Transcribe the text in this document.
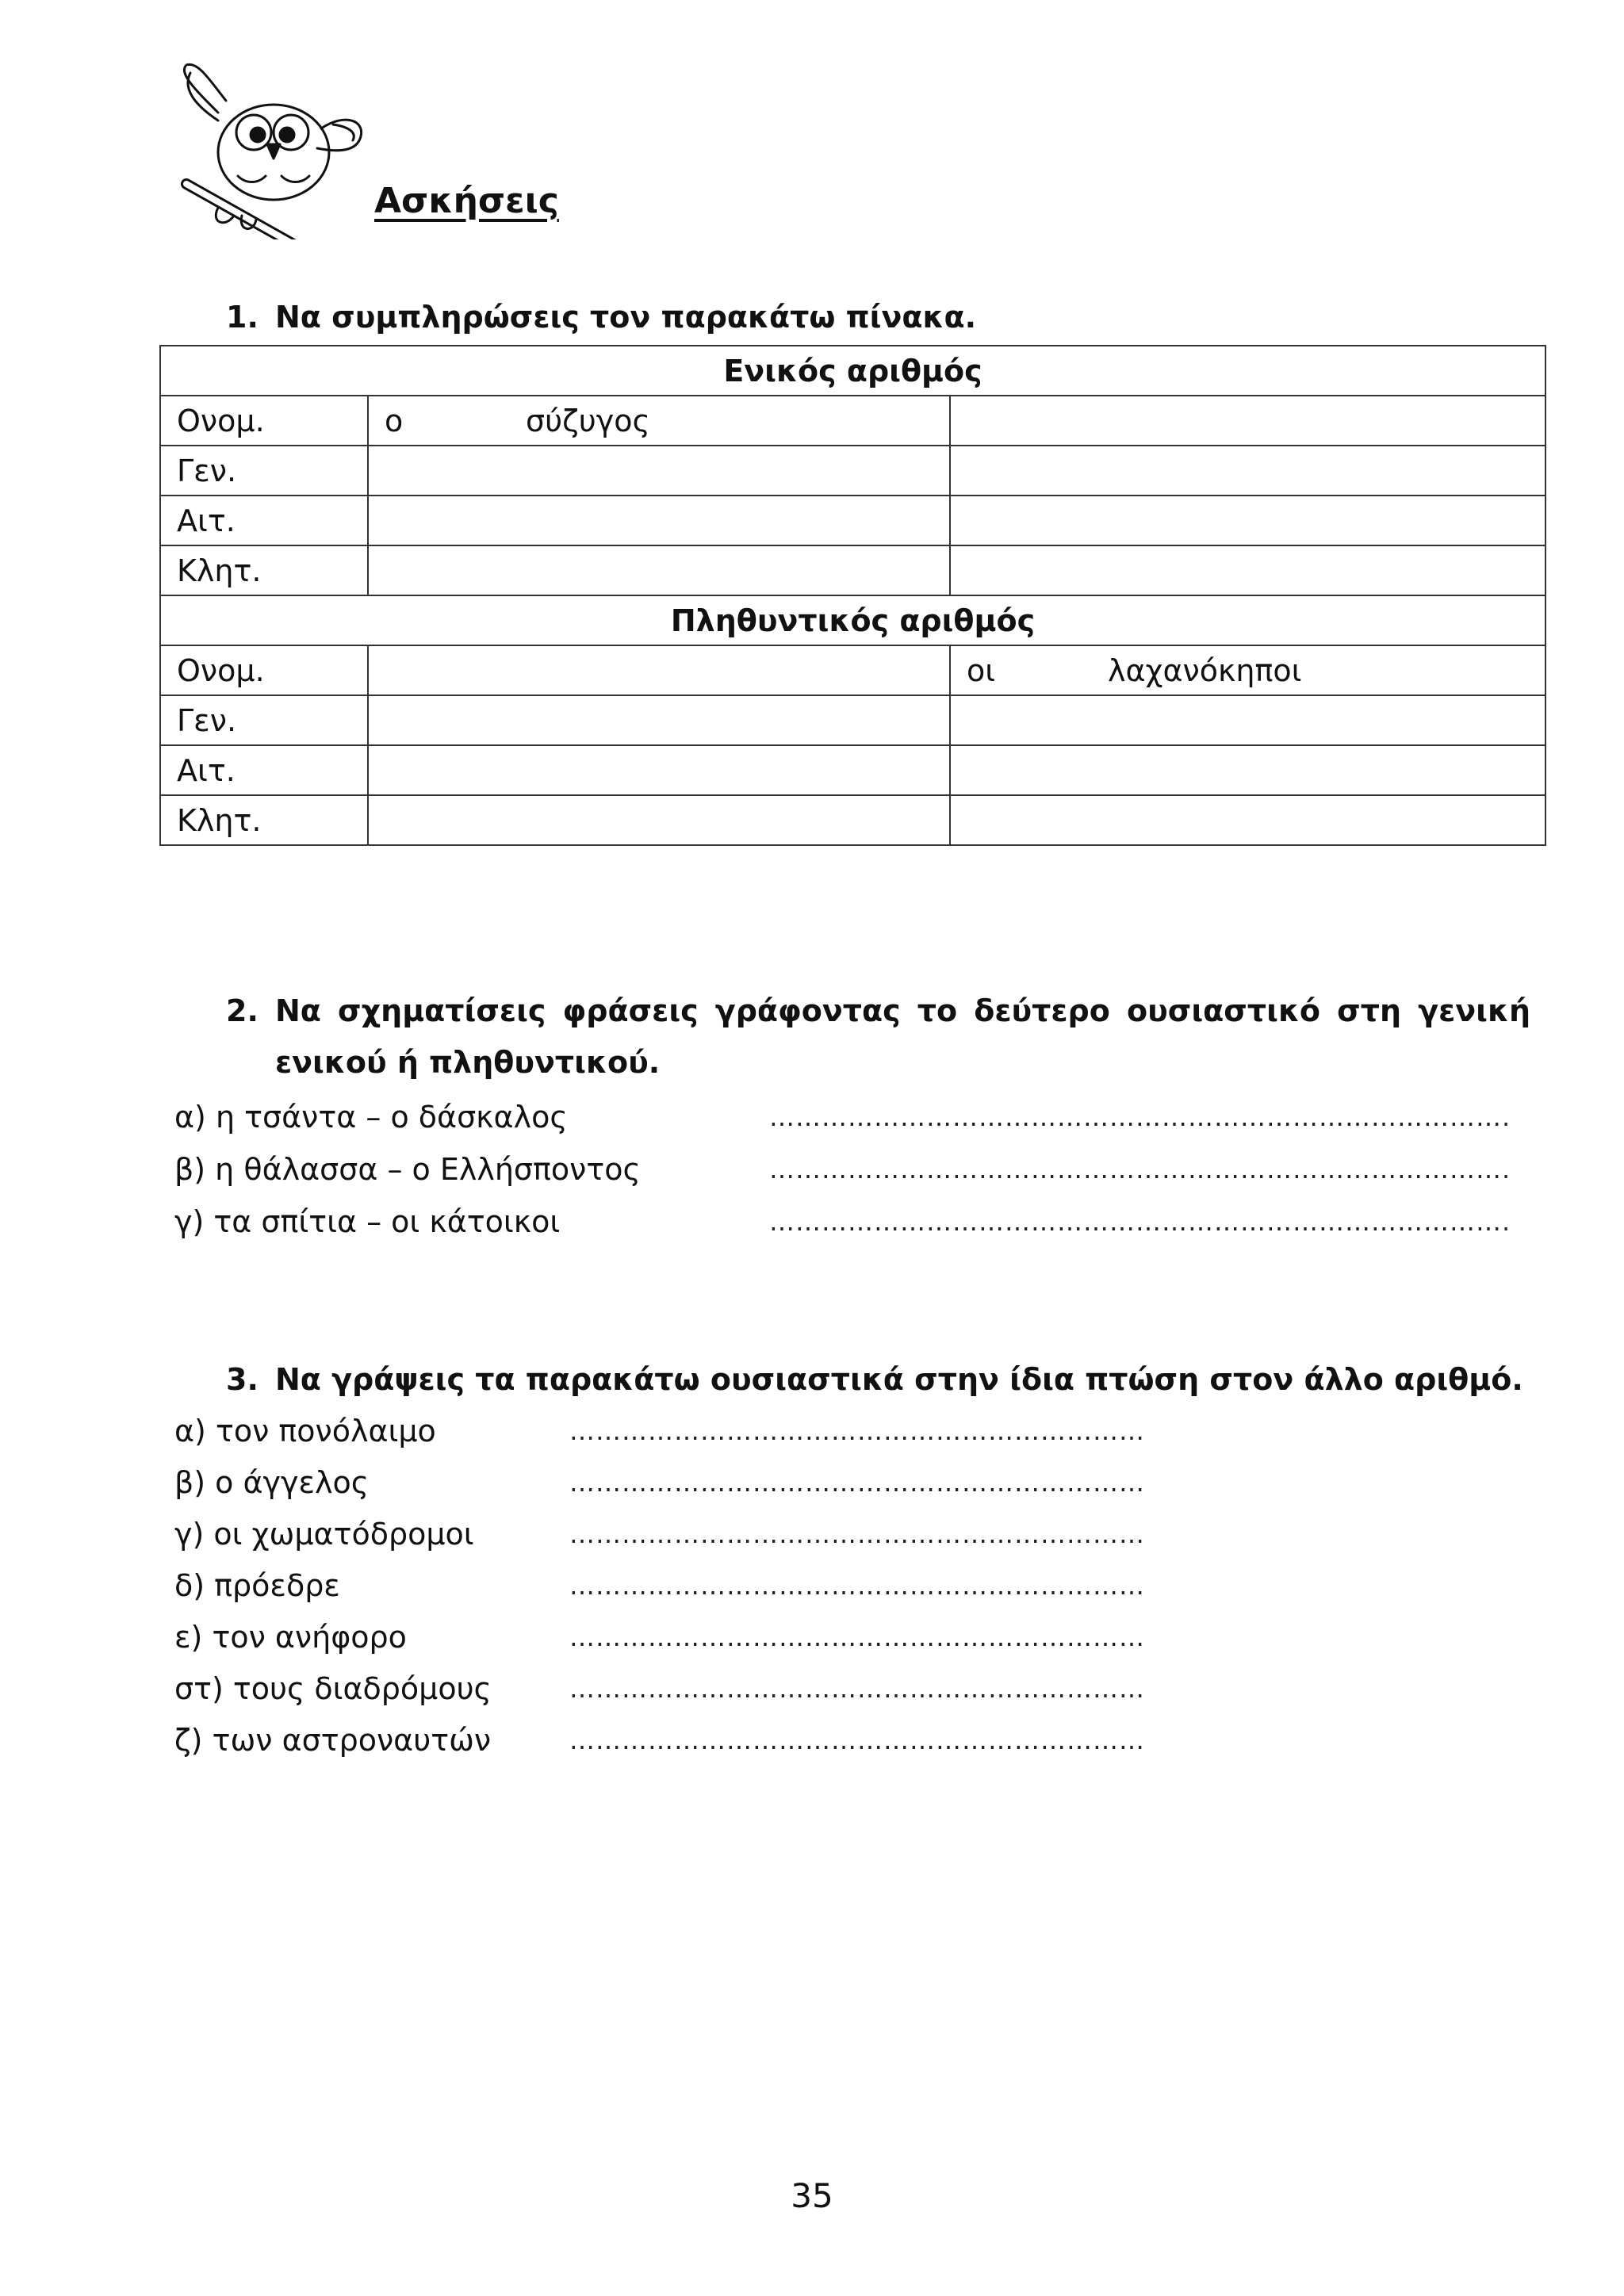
Ασκήσεις
1. Να συμπληρώσεις τον παρακάτω πίνακα.
Ενικός αριθμός		
Ονομ.	ο σύζυγος	
Γεν.		
Αιτ.		
Κλητ.		
Πληθυντικός αριθμός		
Ονομ.		οι λαχανόκηποι
Γεν.		
Αιτ.		
Κλητ.		
2. Να σχηματίσεις φράσεις γράφοντας το δεύτερο ουσιαστικό στη γενική
ενικού ή πληθυντικού.
α) η τσάντα – ο δάσκαλος	………………………………………………………………………….
β) η θάλασσα – ο Ελλήσποντος	………………………………………………………………………….
γ) τα σπίτια – οι κάτοικοι	………………………………………………………………………….
3. Να γράψεις τα παρακάτω ουσιαστικά στην ίδια πτώση στον άλλο αριθμό.
α) τον πονόλαιμο	…………………………………………………………
β) ο άγγελος	…………………………………………………………
γ) οι χωματόδρομοι	…………………………………………………………
δ) πρόεδρε	…………………………………………………………
ε) τον ανήφορο	…………………………………………………………
στ) τους διαδρόμους	…………………………………………………………
ζ) των αστροναυτών	…………………………………………………………
35
